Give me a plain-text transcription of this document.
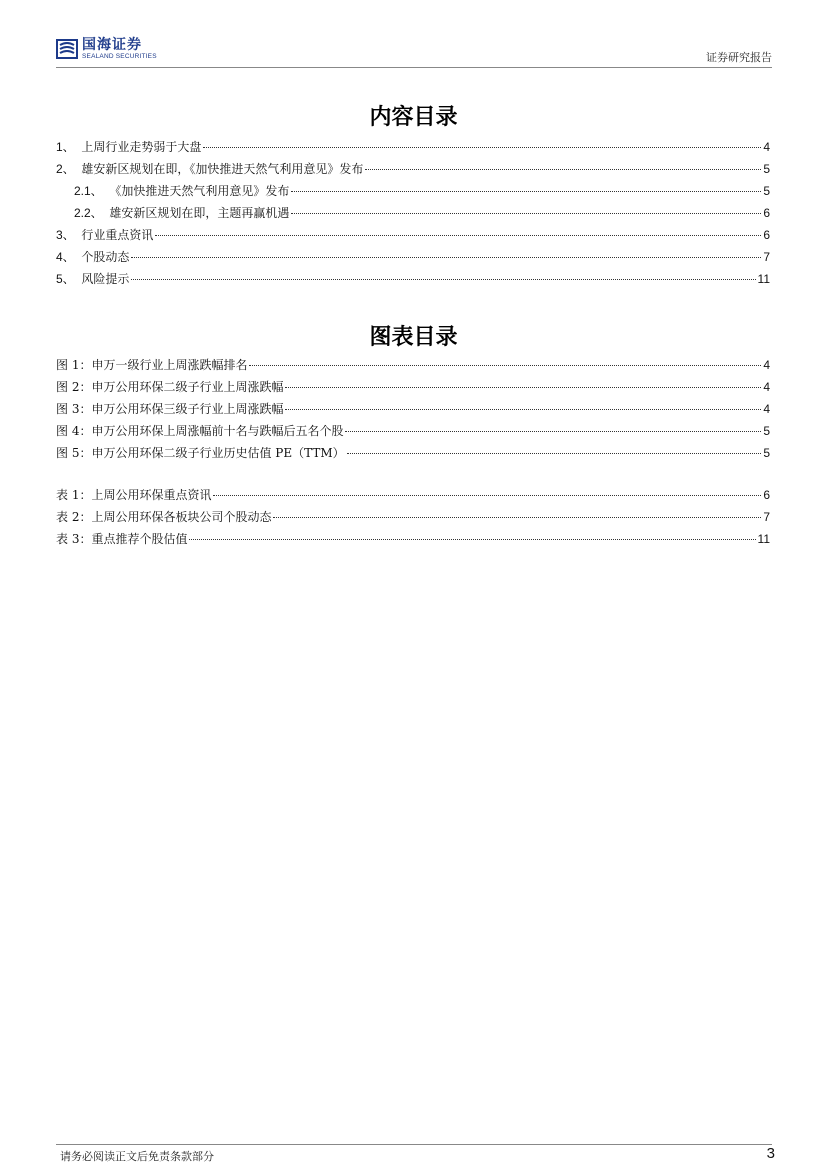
国海证券
SEALAND SECURITIES	证券研究报告
内容目录
1、 上周行业走势弱于大盘	4
2、 雄安新区规划在即，《加快推进天然气利用意见》发布	5
2.1、 《加快推进天然气利用意见》发布	5
2.2、 雄安新区规划在即，主题再赢机遇	6
3、 行业重点资讯	6
4、 个股动态	7
5、 风险提示	11
图表目录
图 1： 申万一级行业上周涨跌幅排名	4
图 2： 申万公用环保二级子行业上周涨跌幅	4
图 3： 申万公用环保三级子行业上周涨跌幅	4
图 4： 申万公用环保上周涨幅前十名与跌幅后五名个股	5
图 5： 申万公用环保二级子行业历史估值 PE（TTM）	5
表 1： 上周公用环保重点资讯	6
表 2： 上周公用环保各板块公司个股动态	7
表 3： 重点推荐个股估值	11
请务必阅读正文后免责条款部分	3
